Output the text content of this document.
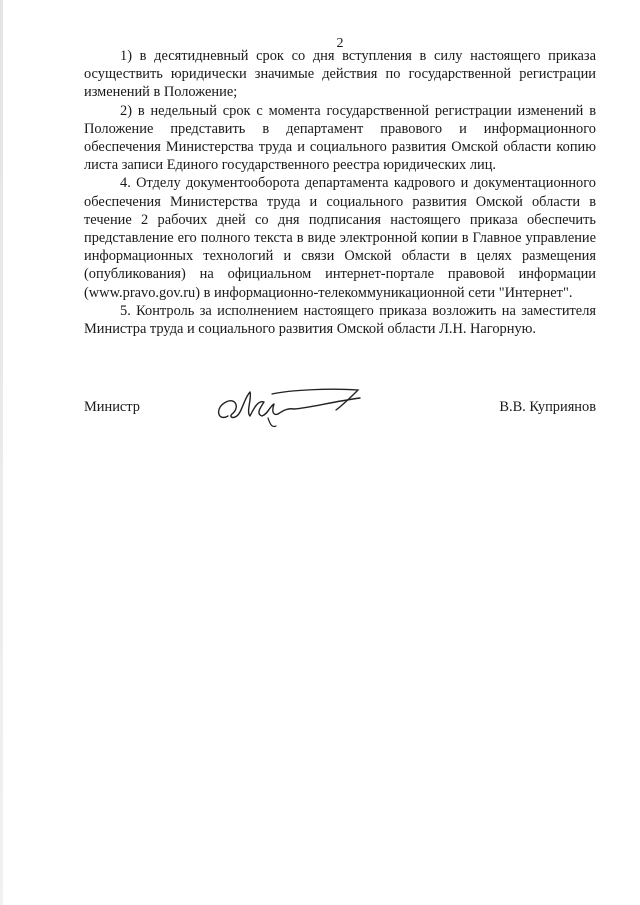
2

1) в десятидневный срок со дня вступления в силу настоящего приказа осуществить юридически значимые действия по государственной регистрации изменений в Положение;

2) в недельный срок с момента государственной регистрации изменений в Положение представить в департамент правового и информационного обеспечения Министерства труда и социального развития Омской области копию листа записи Единого государственного реестра юридических лиц.

4. Отделу документооборота департамента кадрового и документационного обеспечения Министерства труда и социального развития Омской области в течение 2 рабочих дней со дня подписания настоящего приказа обеспечить представление его полного текста в виде электронной копии в Главное управление информационных технологий и связи Омской области в целях размещения (опубликования) на официальном интернет-портале правовой информации (www.pravo.gov.ru) в информационно-телекоммуникационной сети "Интернет".

5. Контроль за исполнением настоящего приказа возложить на заместителя Министра труда и социального развития Омской области Л.Н. Нагорную.

Министр	В.В. Куприянов
